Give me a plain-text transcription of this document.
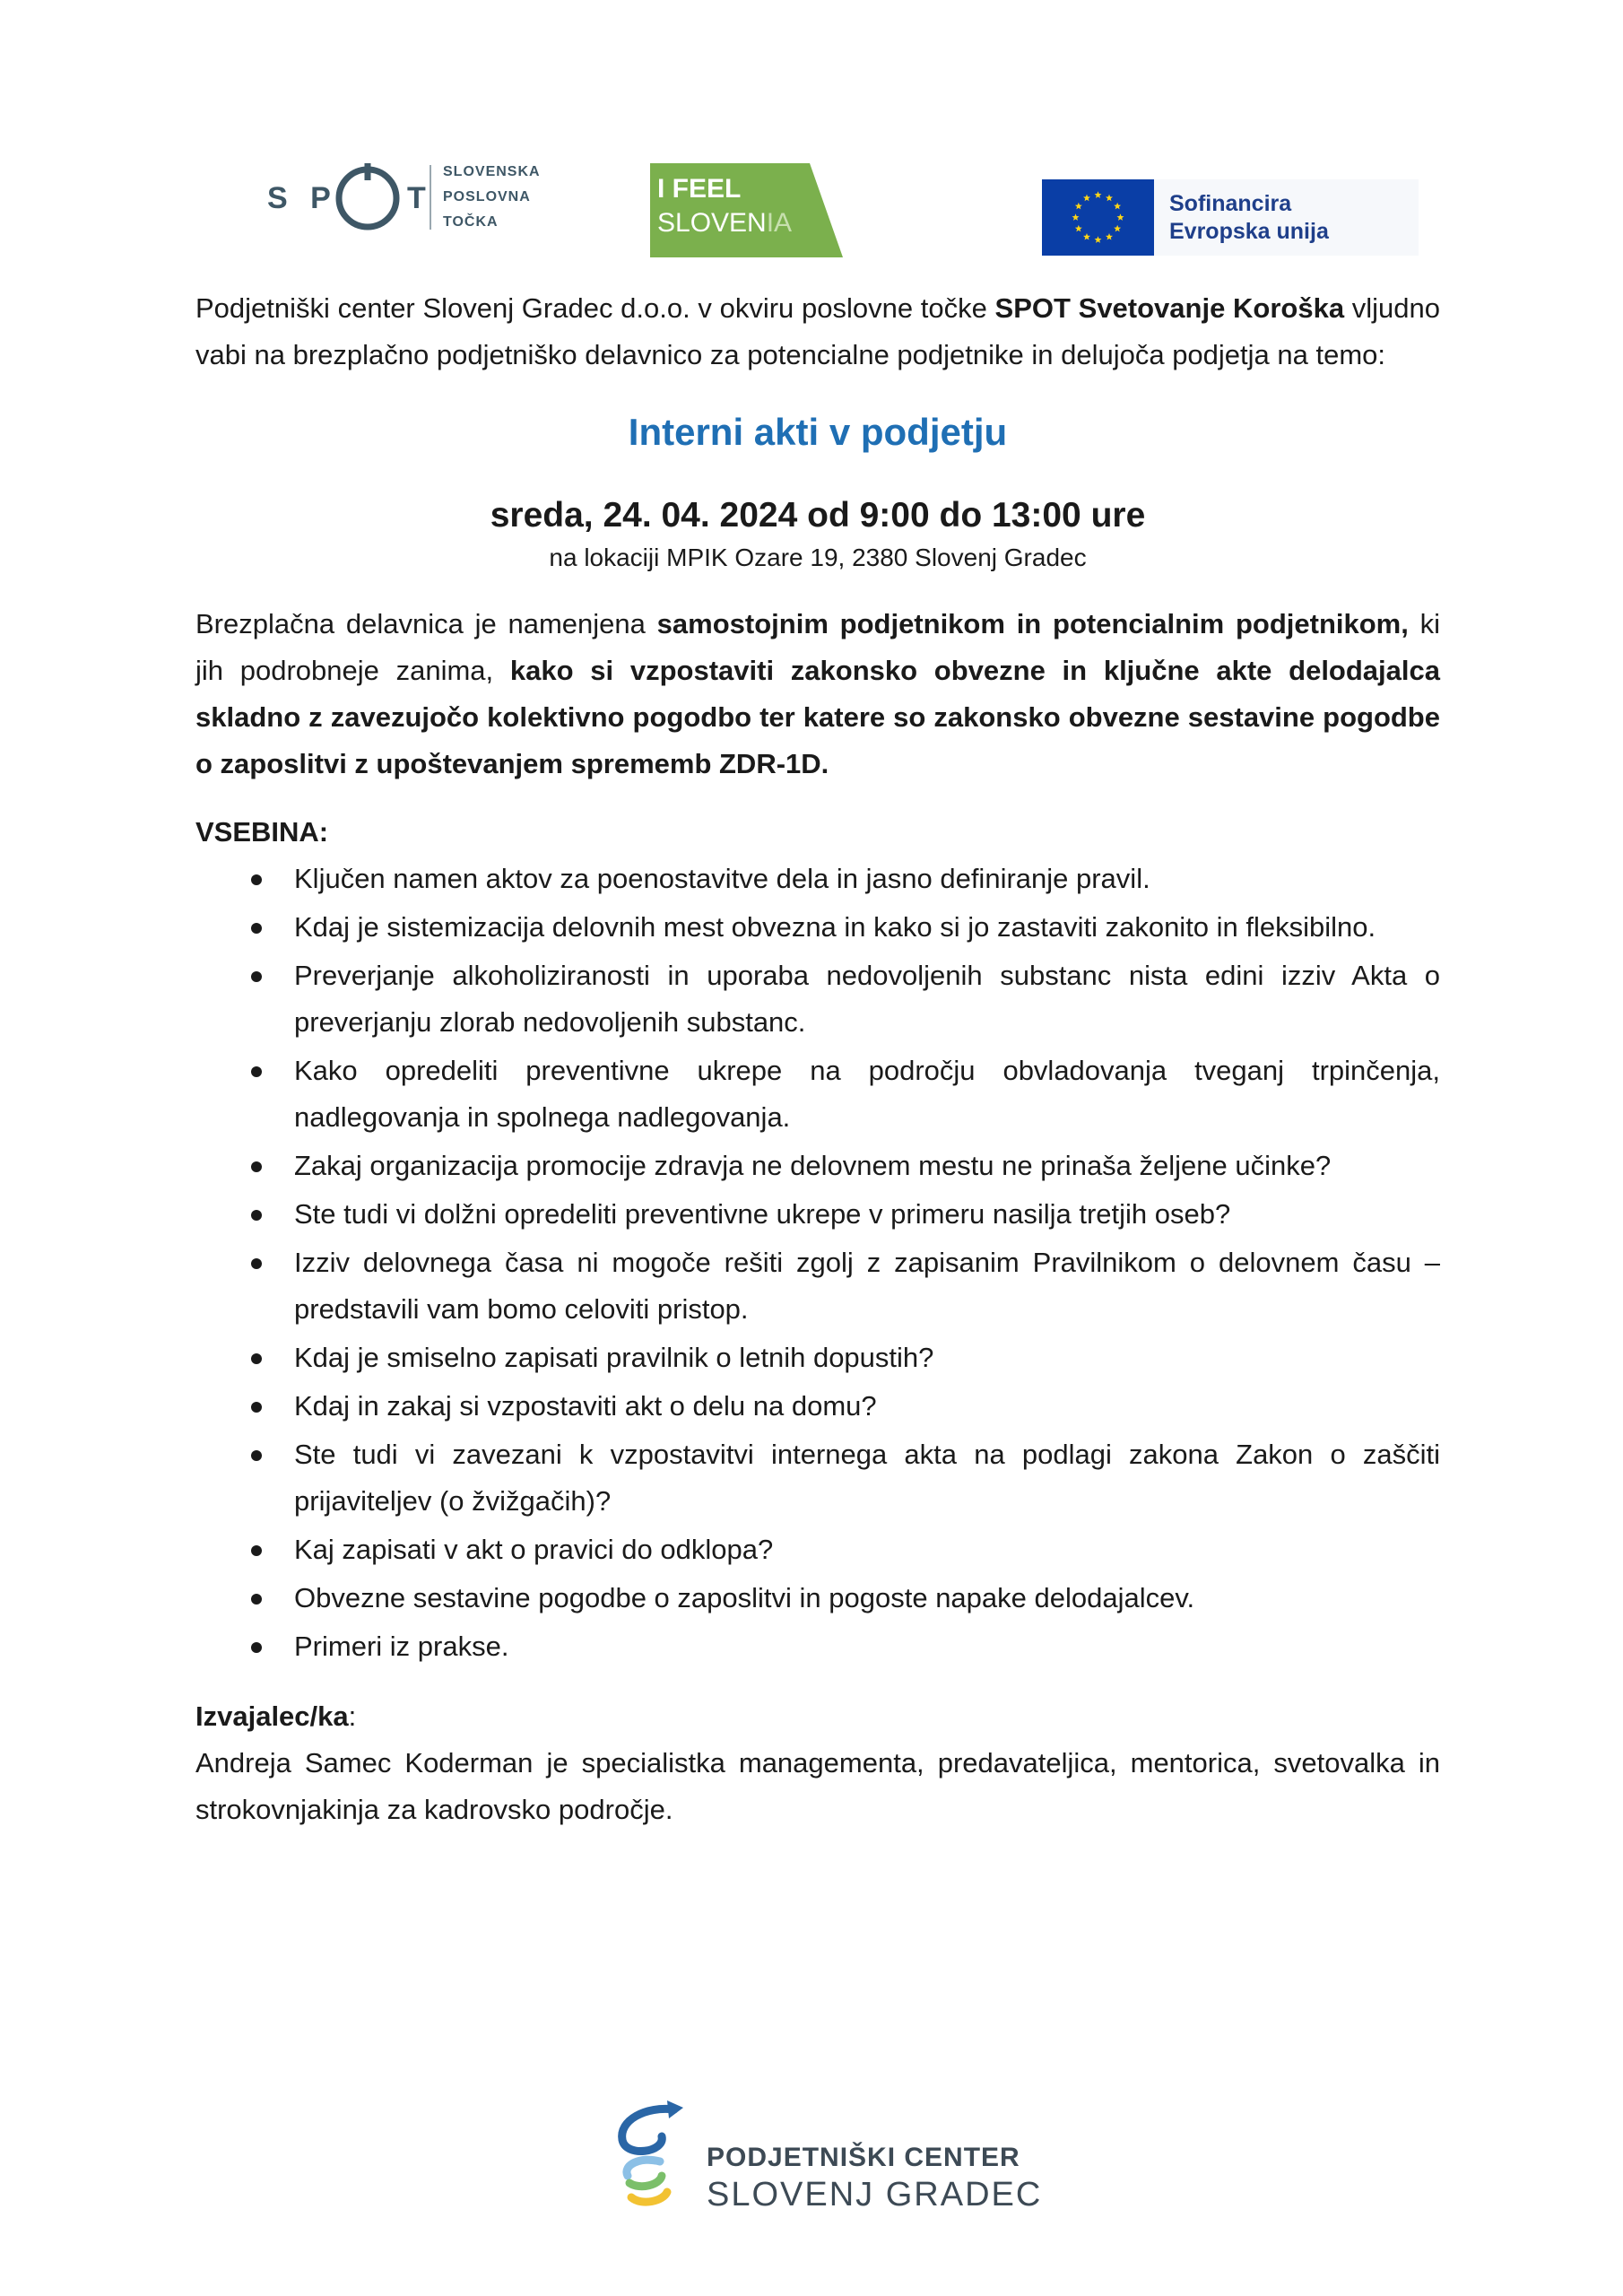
S P T
SLOVENSKA
POSLOVNA
TOČKA
I FEEL
SLOVENIA
Sofinancira
Evropska unija

Podjetniški center Slovenj Gradec d.o.o. v okviru poslovne točke SPOT Svetovanje Koroška vljudno vabi na brezplačno podjetniško delavnico za potencialne podjetnike in delujoča podjetja na temo:

Interni akti v podjetju

sreda, 24. 04. 2024 od 9:00 do 13:00 ure

na lokaciji MPIK Ozare 19, 2380 Slovenj Gradec

Brezplačna delavnica je namenjena samostojnim podjetnikom in potencialnim podjetnikom, ki jih podrobneje zanima, kako si vzpostaviti zakonsko obvezne in ključne akte delodajalca skladno z zavezujočo kolektivno pogodbo ter katere so zakonsko obvezne sestavine pogodbe o zaposlitvi z upoštevanjem sprememb ZDR-1D.

VSEBINA:

Ključen namen aktov za poenostavitve dela in jasno definiranje pravil.
Kdaj je sistemizacija delovnih mest obvezna in kako si jo zastaviti zakonito in fleksibilno.
Preverjanje alkoholiziranosti in uporaba nedovoljenih substanc nista edini izziv Akta o preverjanju zlorab nedovoljenih substanc.
Kako opredeliti preventivne ukrepe na področju obvladovanja tveganj trpinčenja, nadlegovanja in spolnega nadlegovanja.
Zakaj organizacija promocije zdravja ne delovnem mestu ne prinaša željene učinke?
Ste tudi vi dolžni opredeliti preventivne ukrepe v primeru nasilja tretjih oseb?
Izziv delovnega časa ni mogoče rešiti zgolj z zapisanim Pravilnikom o delovnem času – predstavili vam bomo celoviti pristop.
Kdaj je smiselno zapisati pravilnik o letnih dopustih?
Kdaj in zakaj si vzpostaviti akt o delu na domu?
Ste tudi vi zavezani k vzpostavitvi internega akta na podlagi zakona Zakon o zaščiti prijaviteljev (o žvižgačih)?
Kaj zapisati v akt o pravici do odklopa?
Obvezne sestavine pogodbe o zaposlitvi in pogoste napake delodajalcev.
Primeri iz prakse.

Izvajalec/ka:

Andreja Samec Koderman je specialistka managementa, predavateljica, mentorica, svetovalka in strokovnjakinja za kadrovsko področje.

PODJETNIŠKI CENTER
SLOVENJ GRADEC
